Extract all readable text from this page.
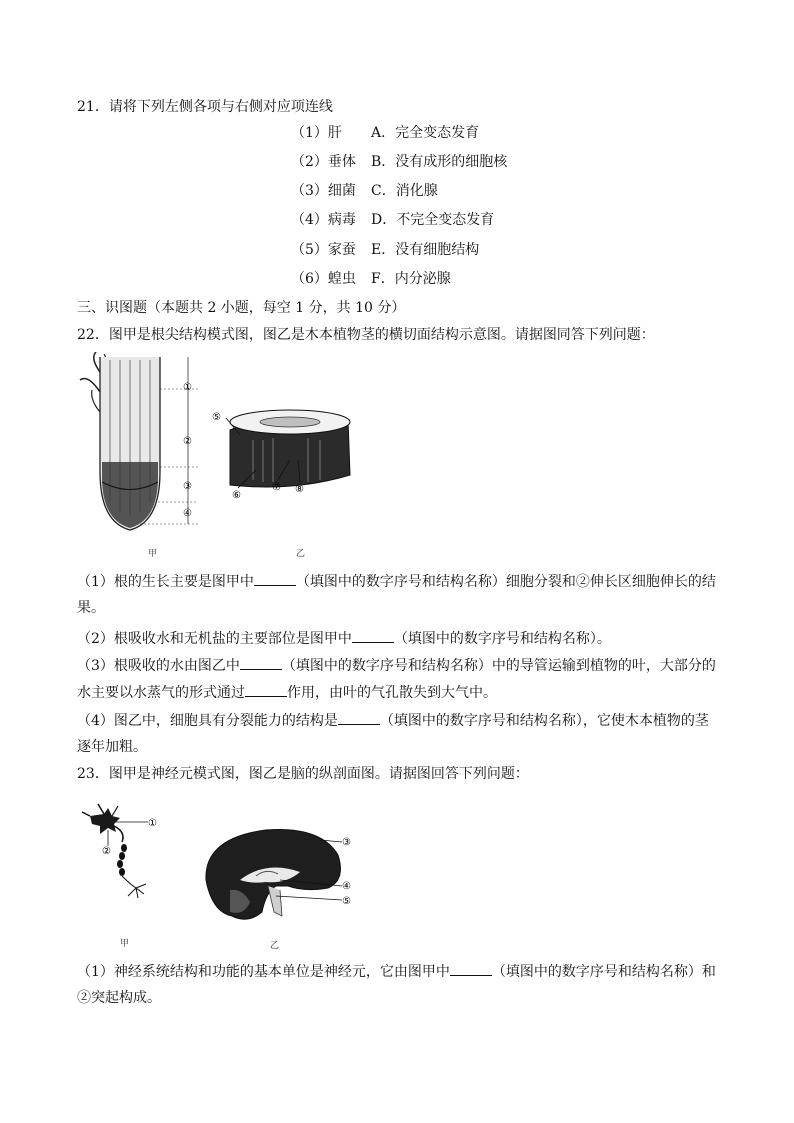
21．请将下列左侧各项与右侧对应项连线
（1）肝 A．完全变态发育
（2）垂体 B．没有成形的细胞核
（3）细菌 C．消化腺
（4）病毒 D．不完全变态发育
（5）家蚕 E．没有细胞结构
（6）蝗虫 F．内分泌腺
三、识图题（本题共 2 小题，每空 1 分，共 10 分）
22．图甲是根尖结构模式图，图乙是木本植物茎的横切面结构示意图。请据图同答下列问题：
①
②
③
④
甲
⑤
⑥
⑦ ⑧
乙
（1）根的生长主要是图甲中	（填图中的数字序号和结构名称）细胞分裂和②伸长区细胞伸长的结
果。
（2）根吸收水和无机盐的主要部位是图甲中	（填图中的数字序号和结构名称）。
（3）根吸收的水由图乙中	（填图中的数字序号和结构名称）中的导管运输到植物的叶，大部分的
水主要以水蒸气的形式通过	作用，由叶的气孔散失到大气中。
（4）图乙中，细胞具有分裂能力的结构是	（填图中的数字序号和结构名称），它使木本植物的茎
逐年加粗。
23．图甲是神经元模式图，图乙是脑的纵剖面图。请据图回答下列问题：
①
②
甲
③
④
⑤
乙
（1）神经系统结构和功能的基本单位是神经元，它由图甲中	（填图中的数字序号和结构名称）和
②突起构成。
